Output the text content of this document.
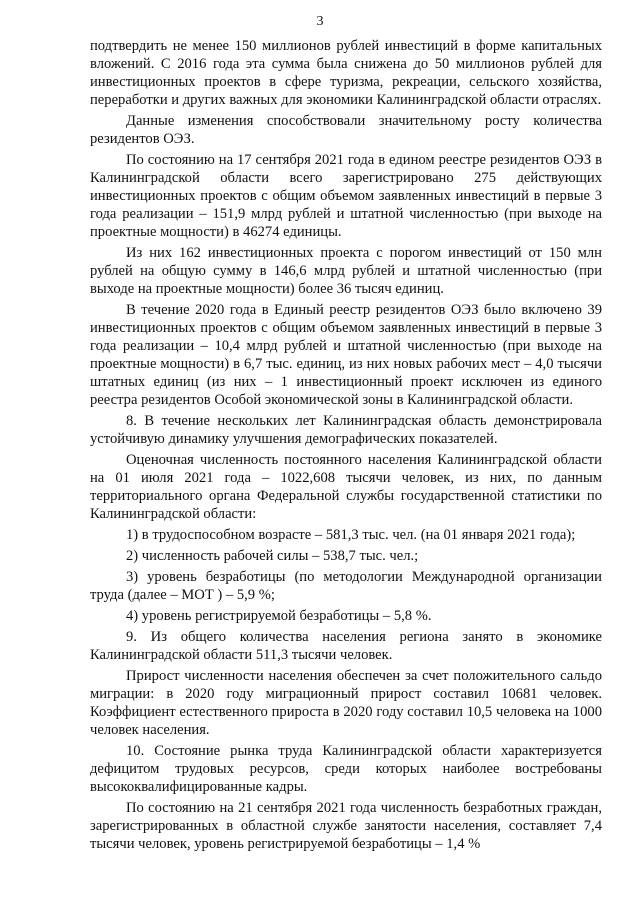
3

подтвердить не менее 150 миллионов рублей инвестиций в форме капитальных вложений. С 2016 года эта сумма была снижена до 50 миллионов рублей для инвестиционных проектов в сфере туризма, рекреации, сельского хозяйства, переработки и других важных для экономики Калининградской области отраслях.

Данные изменения способствовали значительному росту количества резидентов ОЭЗ.

По состоянию на 17 сентября 2021 года в едином реестре резидентов ОЭЗ в Калининградской области всего зарегистрировано 275 действующих инвестиционных проектов с общим объемом заявленных инвестиций в первые 3 года реализации – 151,9 млрд рублей и штатной численностью (при выходе на проектные мощности) в 46274 единицы.

Из них 162 инвестиционных проекта с порогом инвестиций от 150 млн рублей на общую сумму в 146,6 млрд рублей и штатной численностью (при выходе на проектные мощности) более 36 тысяч единиц.

В течение 2020 года в Единый реестр резидентов ОЭЗ было включено 39 инвестиционных проектов с общим объемом заявленных инвестиций в первые 3 года реализации – 10,4 млрд рублей и штатной численностью (при выходе на проектные мощности) в 6,7 тыс. единиц, из них новых рабочих мест – 4,0 тысячи штатных единиц (из них – 1 инвестиционный проект исключен из единого реестра резидентов Особой экономической зоны в Калининградской области.

8. В течение нескольких лет Калининградская область демонстрировала устойчивую динамику улучшения демографических показателей.

Оценочная численность постоянного населения Калининградской области на 01 июля 2021 года – 1022,608 тысячи человек, из них, по данным территориального органа Федеральной службы государственной статистики по Калининградской области:

1) в трудоспособном возрасте – 581,3 тыс. чел. (на 01 января 2021 года);

2) численность рабочей силы – 538,7 тыс. чел.;

3) уровень безработицы (по методологии Международной организации труда (далее – МОТ ) – 5,9 %;

4) уровень регистрируемой безработицы – 5,8 %.

9. Из общего количества населения региона занято в экономике Калининградской области 511,3 тысячи человек.

Прирост численности населения обеспечен за счет положительного сальдо миграции: в 2020 году миграционный прирост составил 10681 человек. Коэффициент естественного прироста в 2020 году составил 10,5 человека на 1000 человек населения.

10. Состояние рынка труда Калининградской области характеризуется дефицитом трудовых ресурсов, среди которых наиболее востребованы высококвалифицированные кадры.

По состоянию на 21 сентября 2021 года численность безработных граждан, зарегистрированных в областной службе занятости населения, составляет 7,4 тысячи человек, уровень регистрируемой безработицы – 1,4 %
